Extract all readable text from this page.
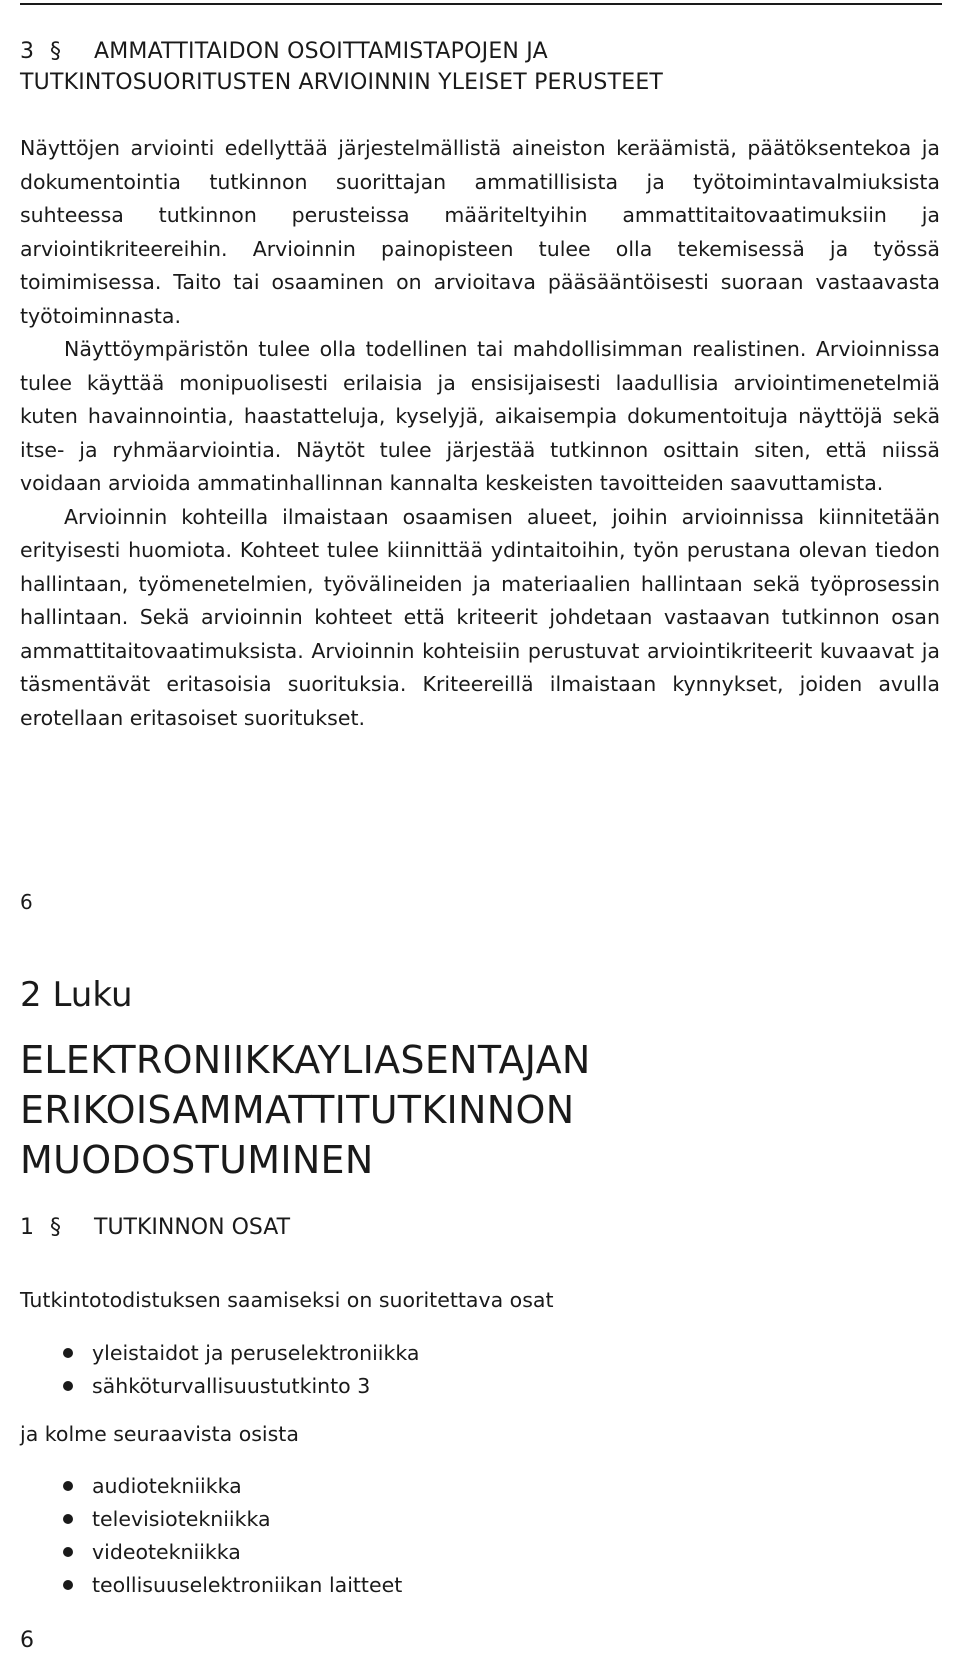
3 § AMMATTITAIDON OSOITTAMISTAPOJEN JA
TUTKINTOSUORITUSTEN ARVIOINNIN YLEISET PERUSTEET

Näyttöjen arviointi edellyttää järjestelmällistä aineiston keräämistä, päätöksentekoa ja dokumentointia tutkinnon suorittajan ammatillisista ja työtoimintavalmiuksista suhteessa tutkinnon perusteissa määriteltyihin ammattitaitovaatimuksiin ja arviointikriteereihin. Arvioinnin painopisteen tulee olla tekemisessä ja työssä toimimisessa. Taito tai osaaminen on arvioitava pääsääntöisesti suoraan vastaavasta työtoiminnasta.

Näyttöympäristön tulee olla todellinen tai mahdollisimman realistinen. Arvioinnissa tulee käyttää monipuolisesti erilaisia ja ensisijaisesti laadullisia arviointimenetelmiä kuten havainnointia, haastatteluja, kyselyjä, aikaisempia dokumentoituja näyttöjä sekä itse- ja ryhmäarviointia. Näytöt tulee järjestää tutkinnon osittain siten, että niissä voidaan arvioida ammatinhallinnan kannalta keskeisten tavoitteiden saavuttamista.

Arvioinnin kohteilla ilmaistaan osaamisen alueet, joihin arvioinnissa kiinnitetään erityisesti huomiota. Kohteet tulee kiinnittää ydintaitoihin, työn perustana olevan tiedon hallintaan, työmenetelmien, työvälineiden ja materiaalien hallintaan sekä työprosessin hallintaan. Sekä arvioinnin kohteet että kriteerit johdetaan vastaavan tutkinnon osan ammattitaitovaatimuksista. Arvioinnin kohteisiin perustuvat arviointikriteerit kuvaavat ja täsmentävät eritasoisia suorituksia. Kriteereillä ilmaistaan kynnykset, joiden avulla erotellaan eritasoiset suoritukset.

6
2 Luku
ELEKTRONIIKKAYLIASENTAJAN
ERIKOISAMMATTITUTKINNON
MUODOSTUMINEN
1 § TUTKINNON OSAT
Tutkintotodistuksen saamiseksi on suoritettava osat
yleistaidot ja peruselektroniikka
sähköturvallisuustutkinto 3
ja kolme seuraavista osista
audiotekniikka
televisiotekniikka
videotekniikka
teollisuuselektroniikan laitteet
6
